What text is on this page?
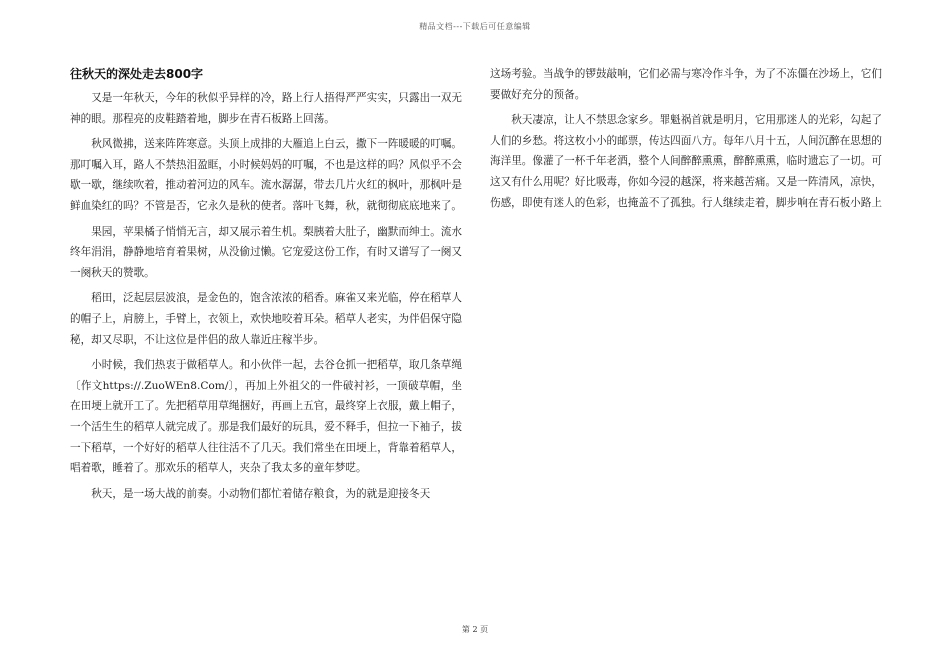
精品文档---下载后可任意编辑
往秋天的深处走去800字

又是一年秋天，今年的秋似乎异样的冷，路上行人捂得严严实实，只露出一双无神的眼。那程亮的皮鞋踏着地，脚步在青石板路上回荡。

秋风微拂，送来阵阵寒意。头顶上成排的大雁追上白云，撒下一阵暖暖的叮嘱。那叮嘱入耳，路人不禁热泪盈眶，小时候妈妈的叮嘱，不也是这样的吗？风似乎不会歇一歇，继续吹着，推动着河边的风车。流水潺潺，带去几片火红的枫叶，那枫叶是鲜血染红的吗？不管是否，它永久是秋的使者。落叶飞舞，秋，就彻彻底底地来了。

果园，苹果橘子悄悄无言，却又展示着生机。梨胰着大肚子，幽默而绅士。流水终年涓涓，静静地培育着果树，从没偷过懒。它宠爱这份工作，有时又谱写了一阕又一阕秋天的赞歌。

稻田，泛起层层波浪，是金色的，饱含浓浓的稻香。麻雀又来光临，停在稻草人的帽子上，肩膀上，手臂上，衣领上，欢快地咬着耳朵。稻草人老实，为伴侣保守隐秘，却又尽职，不让这位是伴侣的敌人靠近庄稼半步。

小时候，我们热衷于做稻草人。和小伙伴一起，去谷仓抓一把稻草，取几条草绳〔作文https://.ZuoWEn8.Com/〕，再加上外祖父的一件破衬衫，一顶破草帽，坐在田埂上就开工了。先把稻草用草绳捆好，再画上五官，最终穿上衣服，戴上帽子，一个活生生的稻草人就完成了。那是我们最好的玩具，爱不释手，但拉一下袖子，拔一下稻草，一个好好的稻草人往往活不了几天。我们常坐在田埂上，背靠着稻草人，唱着歌，睡着了。那欢乐的稻草人，夹杂了我太多的童年梦呓。

秋天，是一场大战的前奏。小动物们都忙着储存粮食，为的就是迎接冬天

这场考验。当战争的锣鼓敲响，它们必需与寒冷作斗争，为了不冻僵在沙场上，它们要做好充分的预备。

秋天凄凉，让人不禁思念家乡。罪魁祸首就是明月，它用那迷人的光彩，勾起了人们的乡愁。将这枚小小的邮票，传达四面八方。每年八月十五，人间沉醉在思想的海洋里。像灌了一杯千年老酒，整个人间醉醉熏熏，醉醉熏熏，临时遗忘了一切。可这又有什么用呢？好比吸毒，你如今浸的越深，将来越苦痛。又是一阵清风，凉快，伤感，即使有迷人的色彩，也掩盖不了孤独。行人继续走着，脚步响在青石板小路上

第 2 页
